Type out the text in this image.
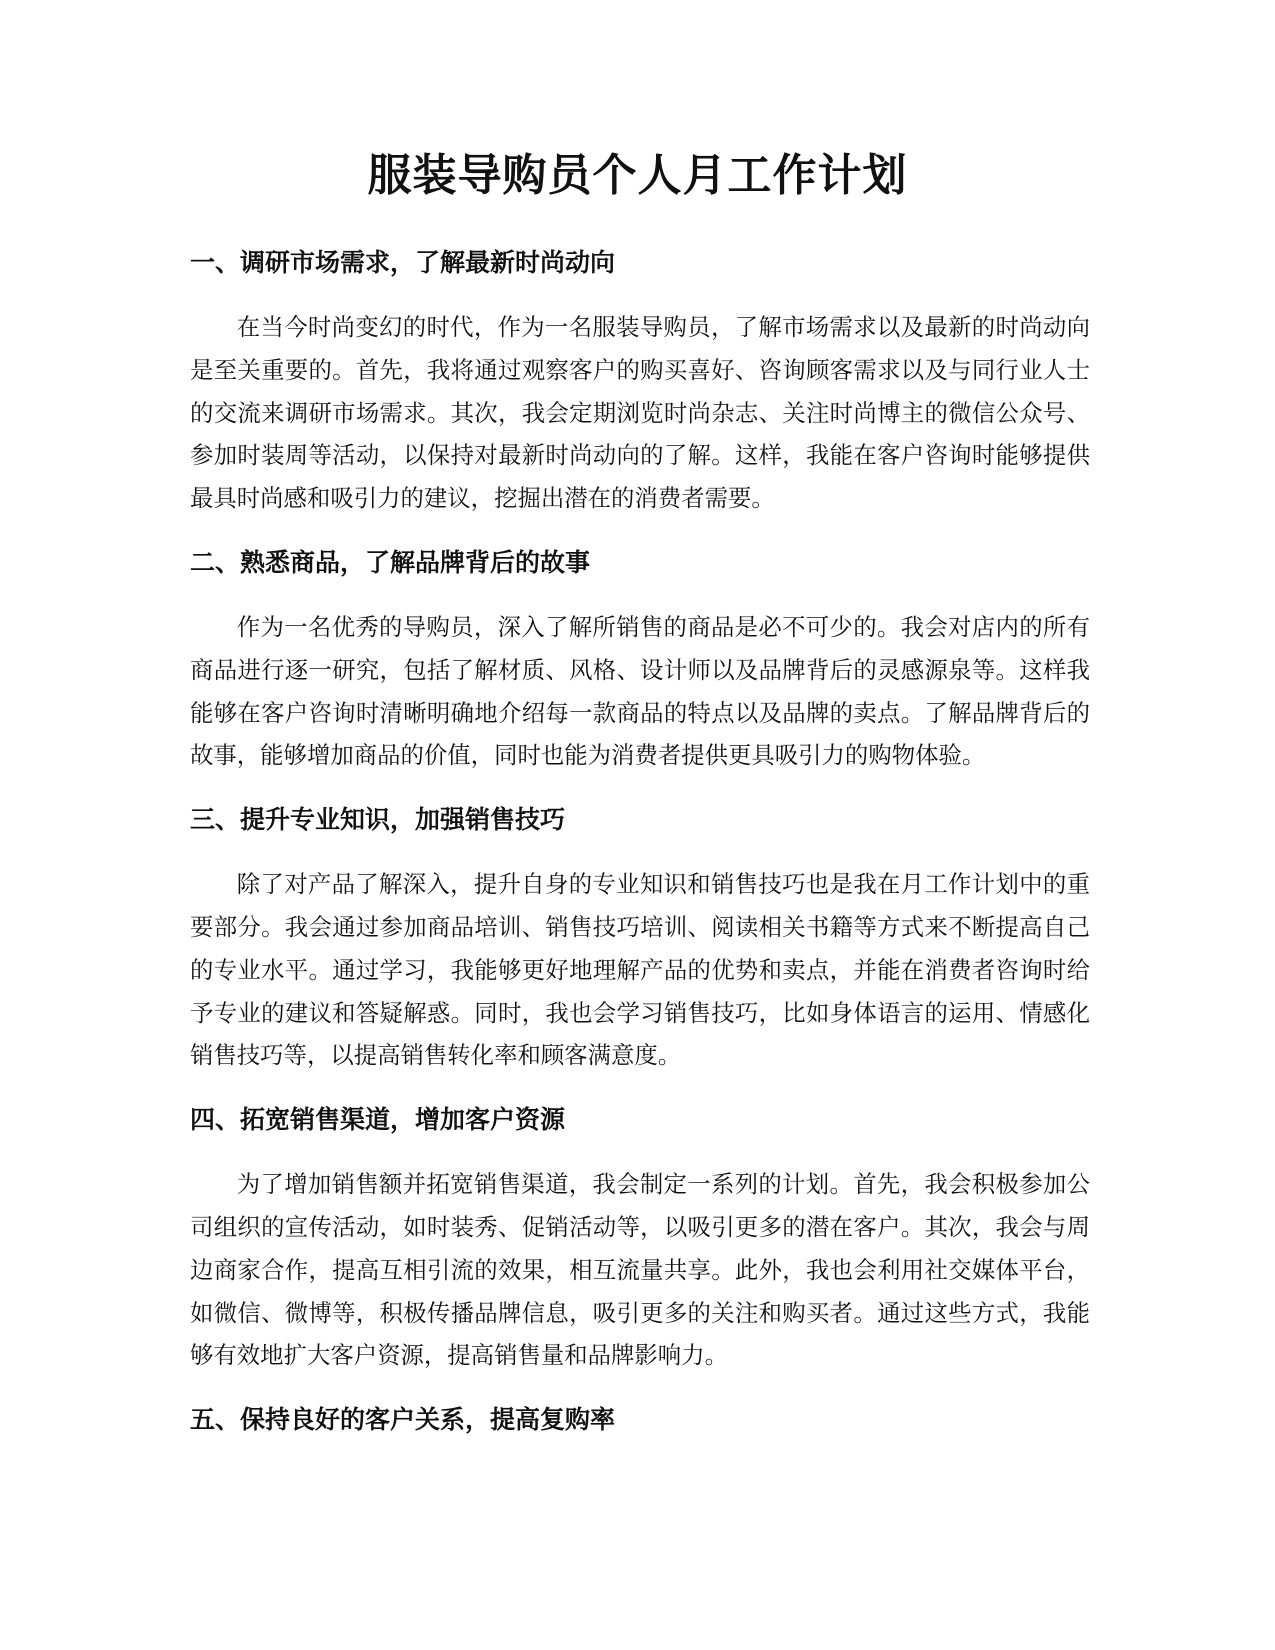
服装导购员个人月工作计划
一、调研市场需求，了解最新时尚动向

在当今时尚变幻的时代，作为一名服装导购员，了解市场需求以及最新的时尚动向是至关重要的。首先，我将通过观察客户的购买喜好、咨询顾客需求以及与同行业人士的交流来调研市场需求。其次，我会定期浏览时尚杂志、关注时尚博主的微信公众号、参加时装周等活动，以保持对最新时尚动向的了解。这样，我能在客户咨询时能够提供最具时尚感和吸引力的建议，挖掘出潜在的消费者需要。

二、熟悉商品，了解品牌背后的故事

作为一名优秀的导购员，深入了解所销售的商品是必不可少的。我会对店内的所有商品进行逐一研究，包括了解材质、风格、设计师以及品牌背后的灵感源泉等。这样我能够在客户咨询时清晰明确地介绍每一款商品的特点以及品牌的卖点。了解品牌背后的故事，能够增加商品的价值，同时也能为消费者提供更具吸引力的购物体验。

三、提升专业知识，加强销售技巧

除了对产品了解深入，提升自身的专业知识和销售技巧也是我在月工作计划中的重要部分。我会通过参加商品培训、销售技巧培训、阅读相关书籍等方式来不断提高自己的专业水平。通过学习，我能够更好地理解产品的优势和卖点，并能在消费者咨询时给予专业的建议和答疑解惑。同时，我也会学习销售技巧，比如身体语言的运用、情感化销售技巧等，以提高销售转化率和顾客满意度。

四、拓宽销售渠道，增加客户资源

为了增加销售额并拓宽销售渠道，我会制定一系列的计划。首先，我会积极参加公司组织的宣传活动，如时装秀、促销活动等，以吸引更多的潜在客户。其次，我会与周边商家合作，提高互相引流的效果，相互流量共享。此外，我也会利用社交媒体平台，如微信、微博等，积极传播品牌信息，吸引更多的关注和购买者。通过这些方式，我能够有效地扩大客户资源，提高销售量和品牌影响力。

五、保持良好的客户关系，提高复购率
